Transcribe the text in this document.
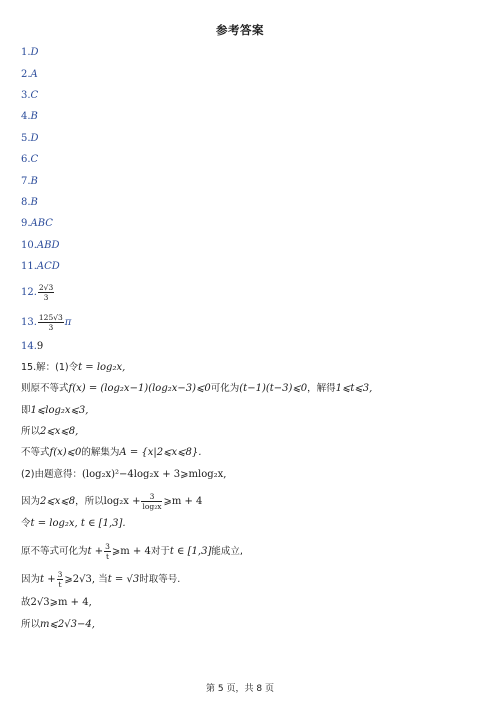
参考答案
1.D
2.A
3.C
4.B
5.D
6.C
7.B
8.B
9.ABC
10.ABD
11.ACD
12. $\frac{2√3}{3}$
13. $\frac{125√3}{3}$ π
14.9
15.解：(1)令t = log₂x,
则原不等式f(x) = (log₂x−1)(log₂x−3)⩽0可化为(t−1)(t−3)⩽0，解得1⩽t⩽3,
即1⩽log₂x⩽3,
所以2⩽x⩽8,
不等式f(x)⩽0的解集为A = {x|2⩽x⩽8}.
(2)由题意得：(log₂x)²−4log₂x + 3⩾mlog₂x,
因为2⩽x⩽8，所以$\log_2x + \frac{3}{\text{log₂x}}$ ⩾m + 4
令t = log₂x, t ∈ [1,3].
原不等式可化为$t + \frac{3}{t}$ ⩾m + 4对于t ∈ [1,3]能成立,
因为$t + \frac{3}{t}$ ⩾2√3, 当t = √3时取等号.
故2√3⩾m + 4,
所以m⩽2√3−4,
第 5 页，共 8 页
